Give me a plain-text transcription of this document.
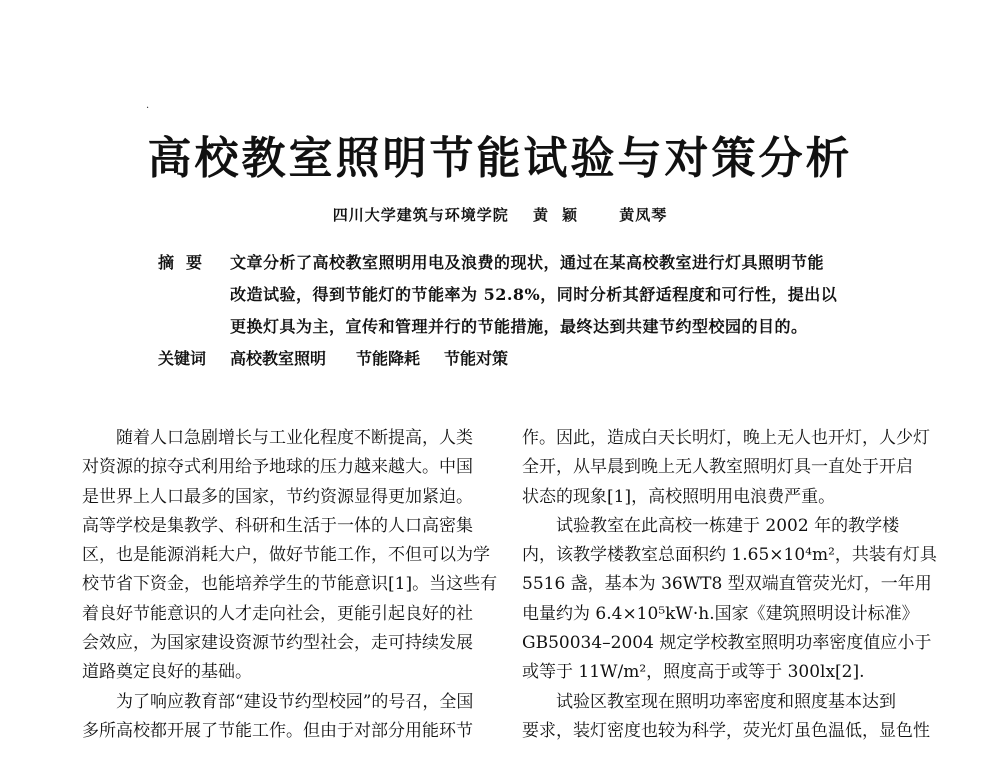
·
高校教室照明节能试验与对策分析
四川大学建筑与环境学院 黄颖 黄凤琴
摘要 文章分析了高校教室照明用电及浪费的现状，通过在某高校教室进行灯具照明节能
改造试验，得到节能灯的节能率为 52.8%，同时分析其舒适程度和可行性，提出以
更换灯具为主，宣传和管理并行的节能措施，最终达到共建节约型校园的目的。
关键词	高校教室照明 节能降耗 节能对策
随着人口急剧增长与工业化程度不断提高，人类
对资源的掠夺式利用给予地球的压力越来越大。中国
是世界上人口最多的国家，节约资源显得更加紧迫。
高等学校是集教学、科研和生活于一体的人口高密集
区，也是能源消耗大户，做好节能工作，不但可以为学
校节省下资金，也能培养学生的节能意识[1]。当这些有
着良好节能意识的人才走向社会，更能引起良好的社
会效应，为国家建设资源节约型社会，走可持续发展
道路奠定良好的基础。
为了响应教育部“建设节约型校园”的号召，全国
多所高校都开展了节能工作。但由于对部分用能环节
作。因此，造成白天长明灯，晚上无人也开灯，人少灯
全开，从早晨到晚上无人教室照明灯具一直处于开启
状态的现象[1]，高校照明用电浪费严重。
试验教室在此高校一栋建于 2002 年的教学楼
内，该教学楼教室总面积约 1.65×10⁴m²，共装有灯具
5516 盏，基本为 36WT8 型双端直管荧光灯，一年用
电量约为 6.4×10⁵kW·h.国家《建筑照明设计标准》
GB50034–2004 规定学校教室照明功率密度值应小于
或等于 11W/m²，照度高于或等于 300lx[2].
试验区教室现在照明功率密度和照度基本达到
要求，装灯密度也较为科学，荧光灯虽色温低，显色性
